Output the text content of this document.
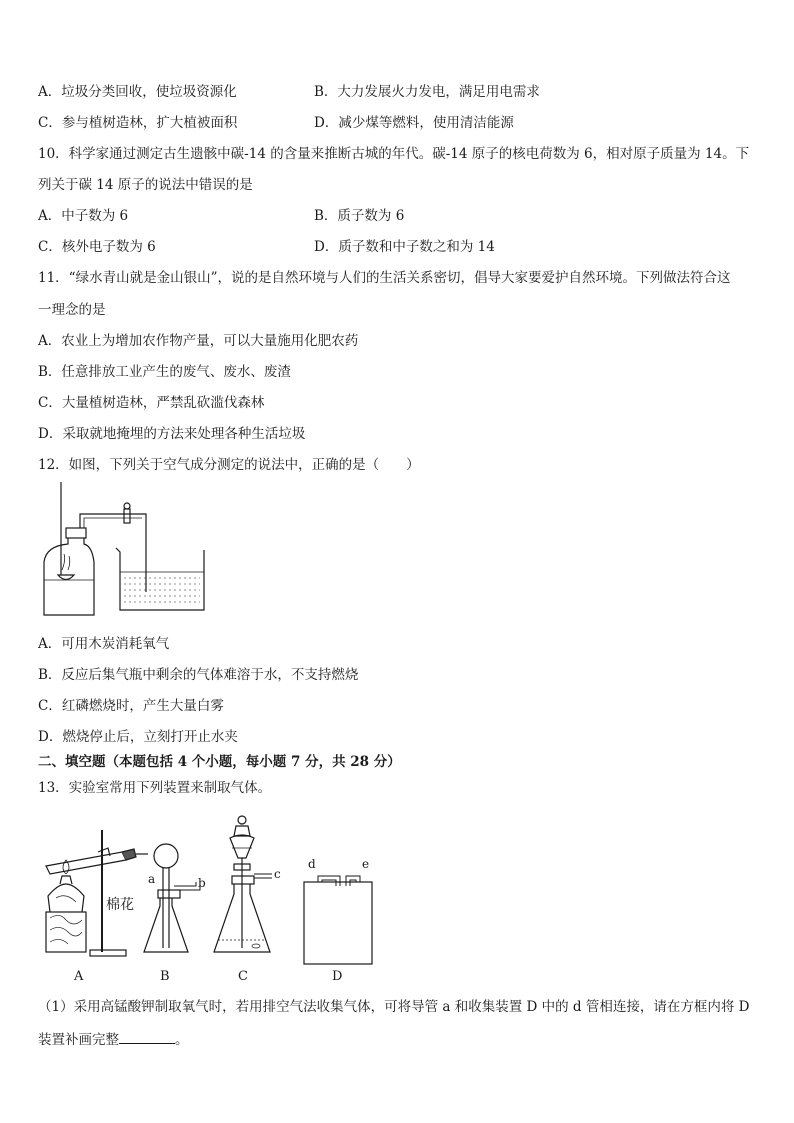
A．垃圾分类回收，使垃圾资源化	B．大力发展火力发电，满足用电需求
C．参与植树造林，扩大植被面积	D．减少煤等燃料，使用清洁能源
10．科学家通过测定古生遗骸中碳-14 的含量来推断古城的年代。碳-14 原子的核电荷数为 6，相对原子质量为 14。下
列关于碳 14 原子的说法中错误的是
A．中子数为 6	B．质子数为 6
C．核外电子数为 6	D．质子数和中子数之和为 14
11．“绿水青山就是金山银山”，说的是自然环境与人们的生活关系密切，倡导大家要爱护自然环境。下列做法符合这
一理念的是
A．农业上为增加农作物产量，可以大量施用化肥农药
B．任意排放工业产生的废气、废水、废渣
C．大量植树造林，严禁乱砍滥伐森林
D．采取就地掩埋的方法来处理各种生活垃圾
12．如图，下列关于空气成分测定的说法中，正确的是（　　）
A．可用木炭消耗氧气
B．反应后集气瓶中剩余的气体难溶于水，不支持燃烧
C．红磷燃烧时，产生大量白雾
D．燃烧停止后，立刻打开止水夹
二、填空题（本题包括 4 个小题，每小题 7 分，共 28 分）
13．实验室常用下列装置来制取气体。
a
棉花
A
b
B
c
C
d	e
D
（1）采用高锰酸钾制取氧气时，若用排空气法收集气体，可将导管 a 和收集装置 D 中的 d 管相连接，请在方框内将 D
装置补画完整	。
